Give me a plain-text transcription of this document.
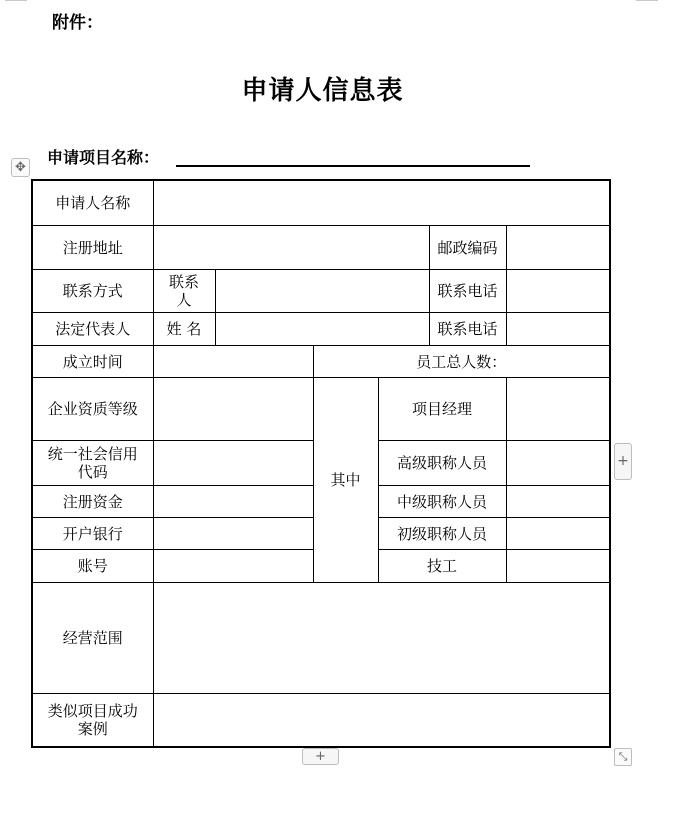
附件：
申请人信息表
申请项目名称：
✥
申请人名称						
注册地址					邮政编码	
联系方式	联系人				联系电话	
法定代表人	姓 名				联系电话	
成立时间			员工总人数：			
企业资质等级			其中	项目经理		
统一社会信用代码				高级职称人员		
注册资金				中级职称人员		
开户银行				初级职称人员		
账号				技工		
经营范围						
类似项目成功案例						
+
+	⤡
